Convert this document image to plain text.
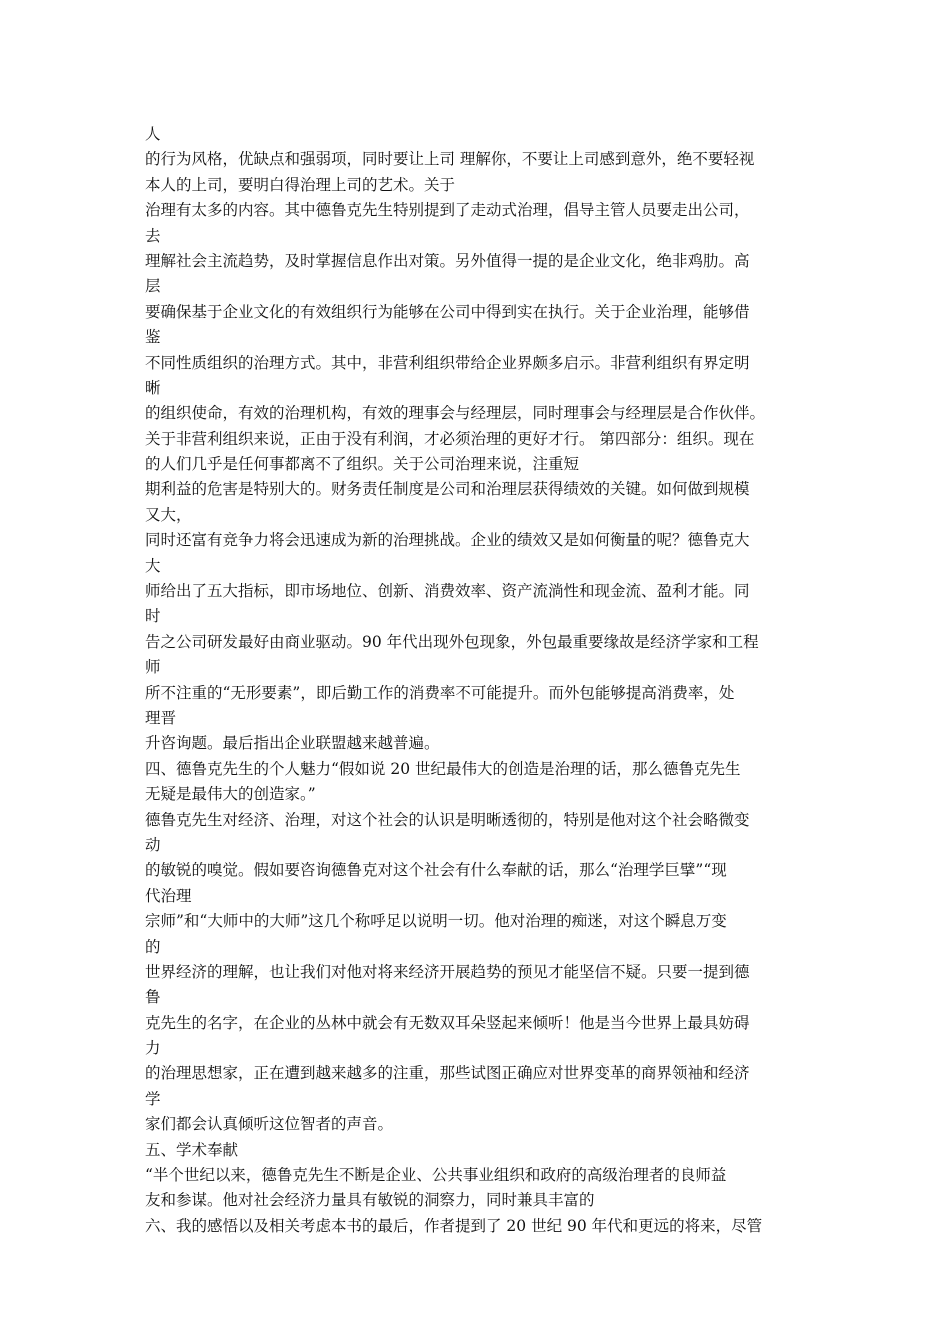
人
的行为风格，优缺点和强弱项，同时要让上司 理解你，不要让上司感到意外，绝不要轻视
本人的上司，要明白得治理上司的艺术。关于
治理有太多的内容。其中德鲁克先生特别提到了走动式治理，倡导主管人员要走出公司，
去
理解社会主流趋势，及时掌握信息作出对策。另外值得一提的是企业文化，绝非鸡肋。高
层
要确保基于企业文化的有效组织行为能够在公司中得到实在执行。关于企业治理，能够借
鉴
不同性质组织的治理方式。其中，非营利组织带给企业界颇多启示。非营利组织有界定明
晰
的组织使命，有效的治理机构，有效的理事会与经理层，同时理事会与经理层是合作伙伴。
关于非营利组织来说，正由于没有利润，才必须治理的更好才行。 第四部分：组织。现在
的人们几乎是任何事都离不了组织。关于公司治理来说，注重短
期利益的危害是特别大的。财务责任制度是公司和治理层获得绩效的关键。如何做到规模
又大，
同时还富有竞争力将会迅速成为新的治理挑战。企业的绩效又是如何衡量的呢？德鲁克大
大
师给出了五大指标，即市场地位、创新、消费效率、资产流淌性和现金流、盈利才能。同
时
告之公司研发最好由商业驱动。90 年代出现外包现象，外包最重要缘故是经济学家和工程
师
所不注重的“无形要素”，即后勤工作的消费率不可能提升。而外包能够提高消费率，处
理晋
升咨询题。最后指出企业联盟越来越普遍。
四、德鲁克先生的个人魅力“假如说 20 世纪最伟大的创造是治理的话，那么德鲁克先生
无疑是最伟大的创造家。”
德鲁克先生对经济、治理，对这个社会的认识是明晰透彻的，特别是他对这个社会略微变
动
的敏锐的嗅觉。假如要咨询德鲁克对这个社会有什么奉献的话，那么“治理学巨擘”“现
代治理
宗师”和“大师中的大师”这几个称呼足以说明一切。他对治理的痴迷，对这个瞬息万变
的
世界经济的理解，也让我们对他对将来经济开展趋势的预见才能坚信不疑。只要一提到德
鲁
克先生的名字，在企业的丛林中就会有无数双耳朵竖起来倾听！他是当今世界上最具妨碍
力
的治理思想家，正在遭到越来越多的注重，那些试图正确应对世界变革的商界领袖和经济
学
家们都会认真倾听这位智者的声音。
五、学术奉献
“半个世纪以来，德鲁克先生不断是企业、公共事业组织和政府的高级治理者的良师益
友和参谋。他对社会经济力量具有敏锐的洞察力，同时兼具丰富的
六、我的感悟以及相关考虑本书的最后，作者提到了 20 世纪 90 年代和更远的将来，尽管
